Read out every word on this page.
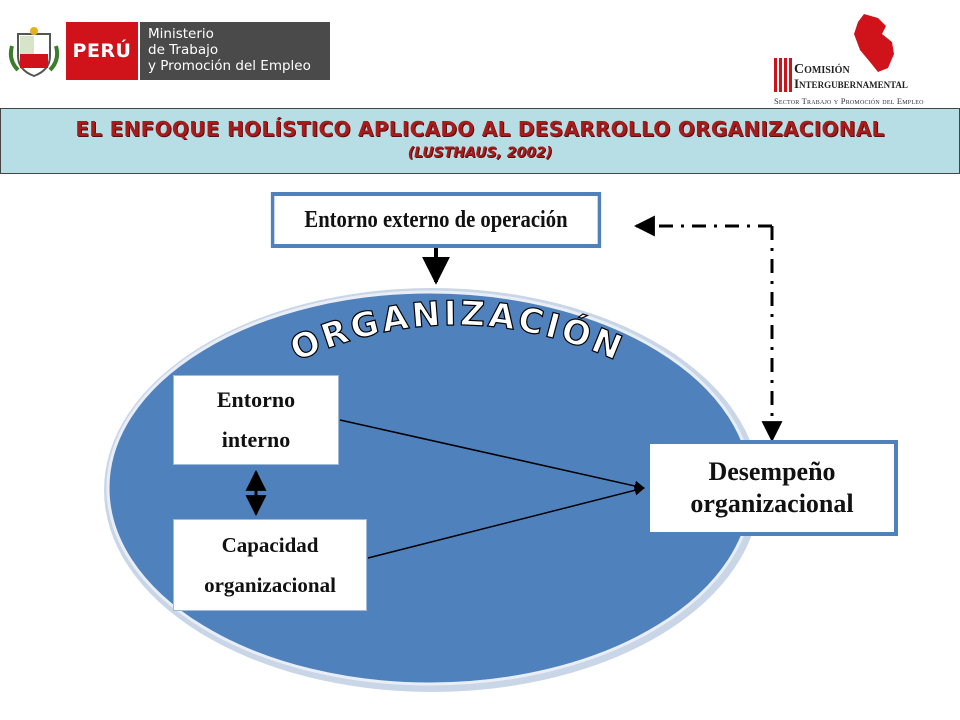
PERÚ
Ministerio
de Trabajo
y Promoción del Empleo	Comisión
Intergubernamental
Sector Trabajo y Promoción del Empleo
EL ENFOQUE HOLÍSTICO APLICADO AL DESARROLLO ORGANIZACIONAL
(LUSTHAUS, 2002)
ORGANIZACIÓN
Entorno externo de operación
Entorno
interno
Capacidad
organizacional
Desempeño
organizacional
